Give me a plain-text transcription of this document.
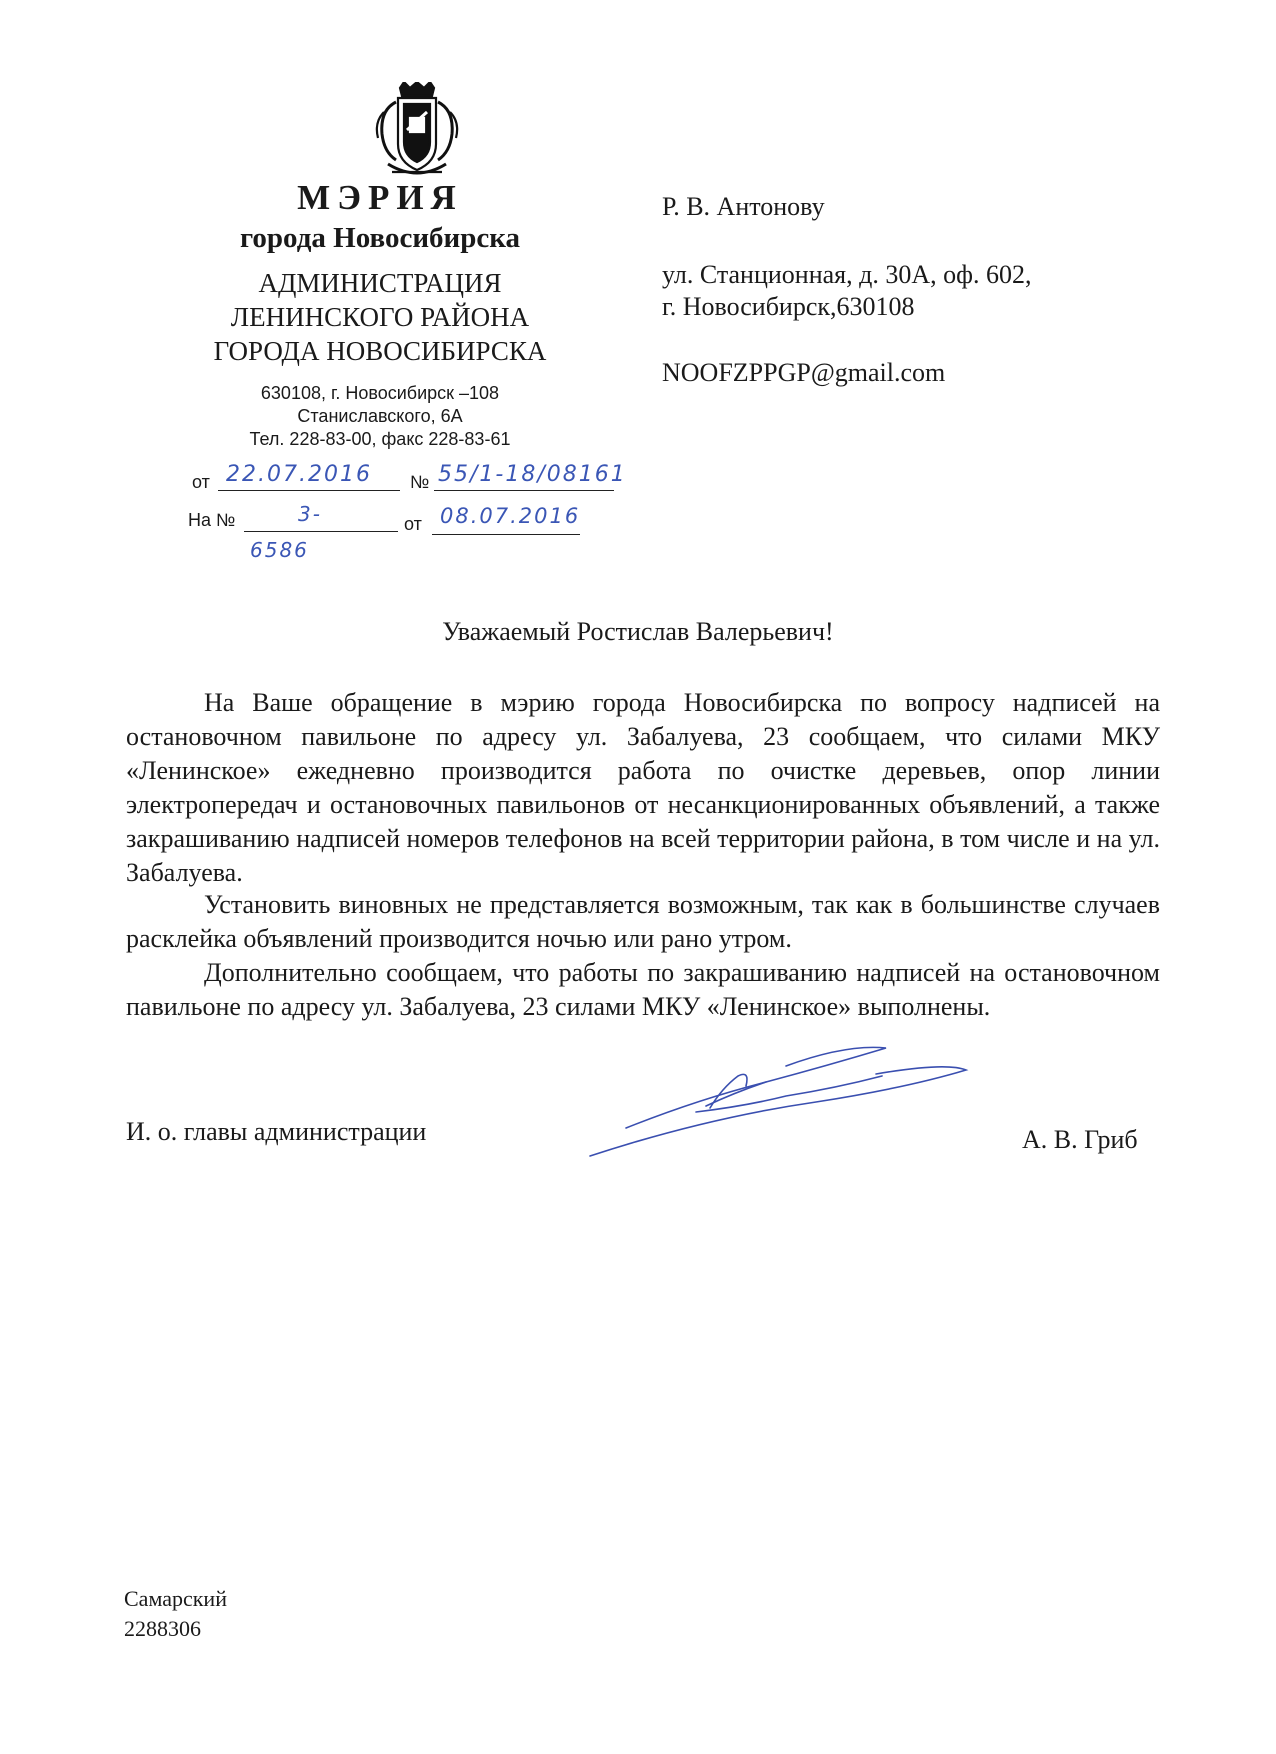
МЭРИЯ
города Новосибирска
АДМИНИСТРАЦИЯ
ЛЕНИНСКОГО РАЙОНА
ГОРОДА НОВОСИБИРСКА
630108, г. Новосибирск –108
Станиславского, 6А
Тел. 228-83-00, факс 228-83-61
от 22.07.2016 № 55/1-18/08161
На №	3-
6586
от 08.07.2016
Р. В. Антонову
ул. Станционная, д. 30А, оф. 602,
г. Новосибирск,630108
NOOFZPPGP@gmail.com
Уважаемый Ростислав Валерьевич!

На Ваше обращение в мэрию города Новосибирска по вопросу надписей на остановочном павильоне по адресу ул. Забалуева, 23 сообщаем, что силами МКУ «Ленинское» ежедневно производится работа по очистке деревьев, опор линии электропередач и остановочных павильонов от несанкционированных объявлений, а также закрашиванию надписей номеров телефонов на всей территории района, в том числе и на ул. Забалуева.

Установить виновных не представляется возможным, так как в большинстве случаев расклейка объявлений производится ночью или рано утром.

Дополнительно сообщаем, что работы по закрашиванию надписей на остановочном павильоне по адресу ул. Забалуева, 23 силами МКУ «Ленинское» выполнены.

И. о. главы администрации	А. В. Гриб
Самарский
2288306
